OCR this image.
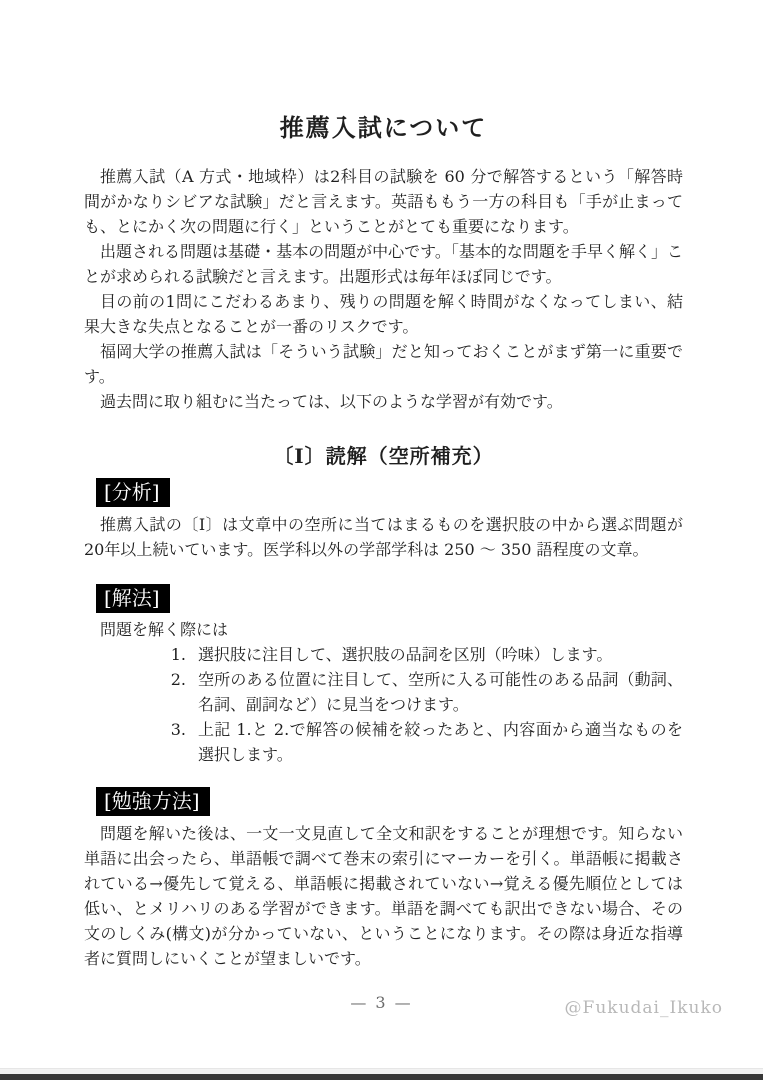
推薦入試について

推薦入試（A 方式・地域枠）は2科目の試験を 60 分で解答するという「解答時間がかなりシビアな試験」だと言えます。英語ももう一方の科目も「手が止まっても、とにかく次の問題に行く」ということがとても重要になります。

出題される問題は基礎・基本の問題が中心です。「基本的な問題を手早く解く」ことが求められる試験だと言えます。出題形式は毎年ほぼ同じです。

目の前の1問にこだわるあまり、残りの問題を解く時間がなくなってしまい、結果大きな失点となることが一番のリスクです。

福岡大学の推薦入試は「そういう試験」だと知っておくことがまず第一に重要です。

過去問に取り組むに当たっては、以下のような学習が有効です。

〔Ⅰ〕読解（空所補充）
[分析]

推薦入試の〔Ⅰ〕は文章中の空所に当てはまるものを選択肢の中から選ぶ問題が 20年以上続いています。医学科以外の学部学科は 250 ～ 350 語程度の文章。

[解法]

問題を解く際には

1. 選択肢に注目して、選択肢の品詞を区別（吟味）します。
2. 空所のある位置に注目して、空所に入る可能性のある品詞（動詞、名詞、副詞など）に見当をつけます。
3. 上記 1.と 2.で解答の候補を絞ったあと、内容面から適当なものを選択します。
[勉強方法]

問題を解いた後は、一文一文見直して全文和訳をすることが理想です。知らない単語に出会ったら、単語帳で調べて巻末の索引にマーカーを引く。単語帳に掲載されている→優先して覚える、単語帳に掲載されていない→覚える優先順位としては低い、とメリハリのある学習ができます。単語を調べても訳出できない場合、その文のしくみ(構文)が分かっていない、ということになります。その際は身近な指導者に質問しにいくことが望ましいです。

— 3 —	@Fukudai_Ikuko
